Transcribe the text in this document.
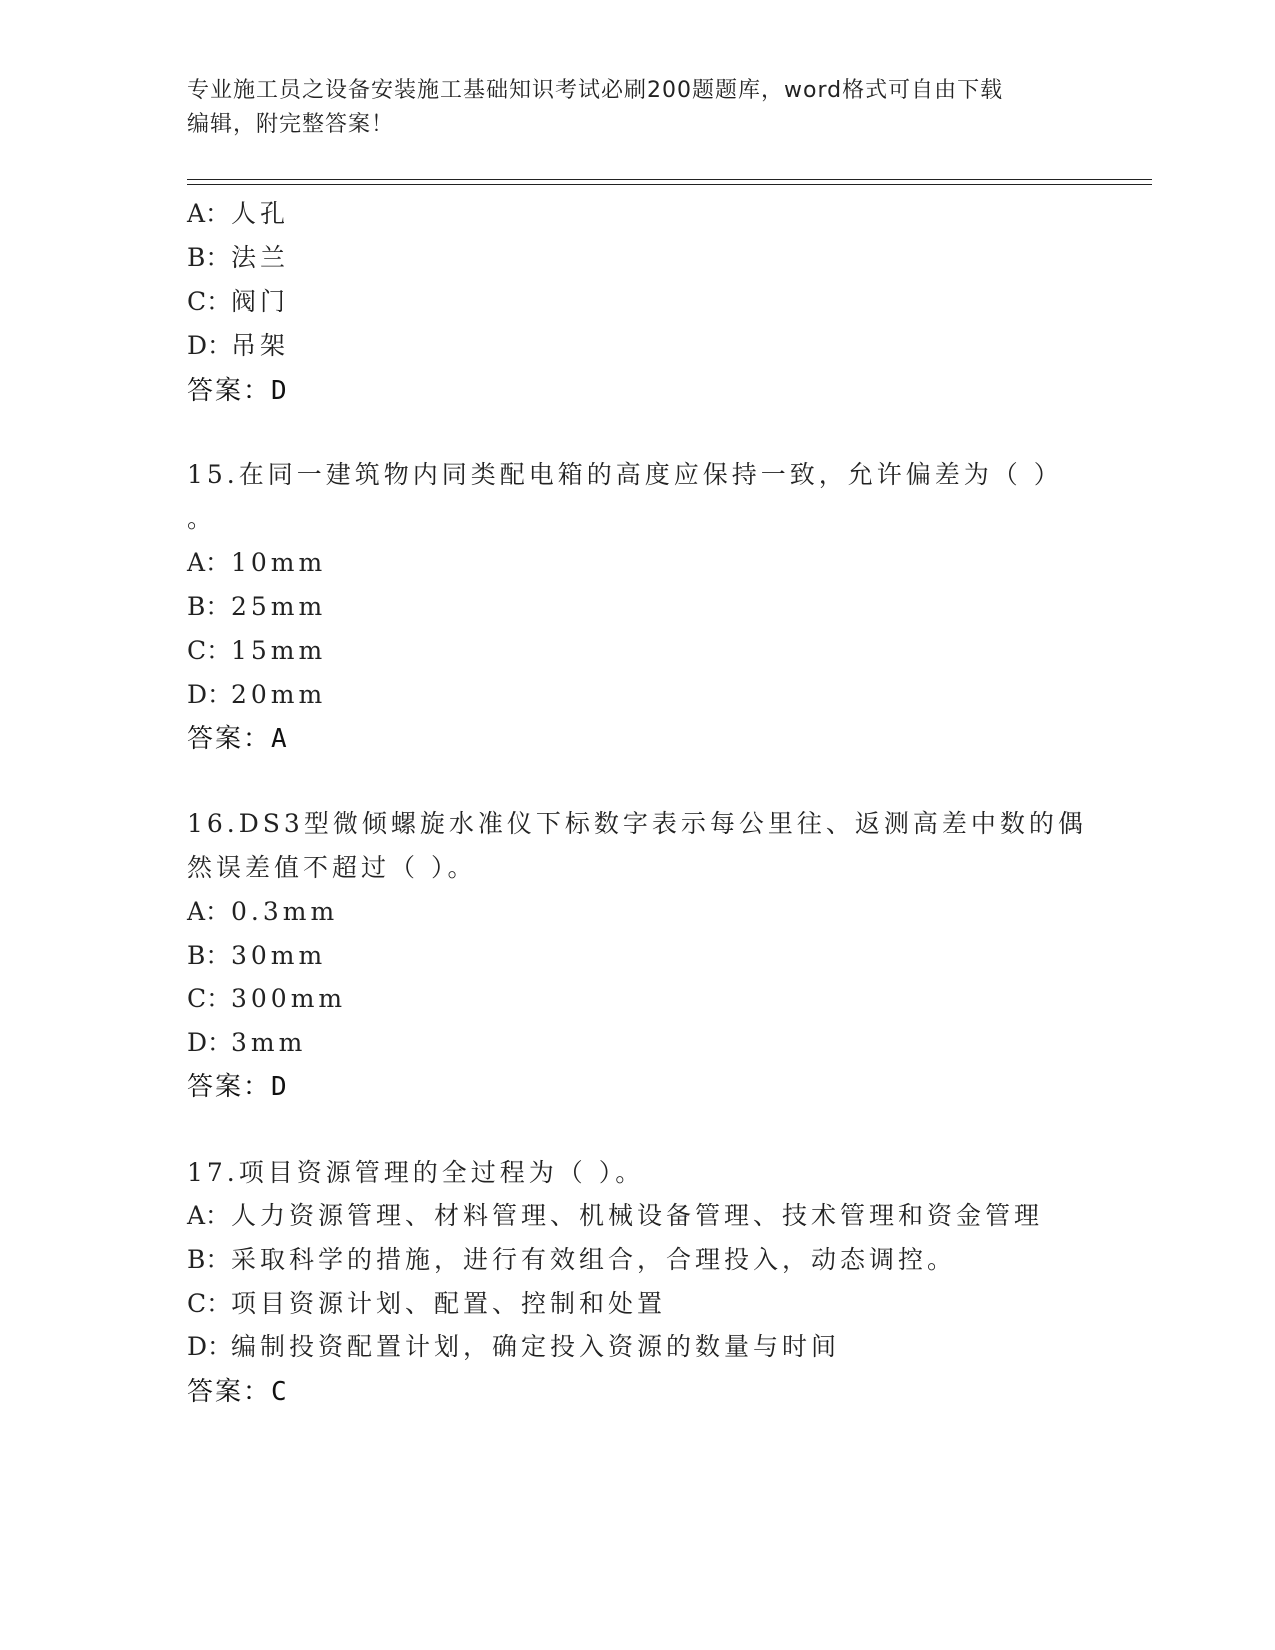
专业施工员之设备安装施工基础知识考试必刷200题题库，word格式可自由下载
编辑，附完整答案！
A：人孔
B：法兰
C：阀门
D：吊架
答案：D
15.在同一建筑物内同类配电箱的高度应保持一致，允许偏差为（ ）
。
A：10mm
B：25mm
C：15mm
D：20mm
答案：A
16.DS3型微倾螺旋水准仪下标数字表示每公里往、返测高差中数的偶
然误差值不超过（ ）。
A：0.3mm
B：30mm
C：300mm
D：3mm
答案：D
17.项目资源管理的全过程为（ ）。
A：人力资源管理、材料管理、机械设备管理、技术管理和资金管理
B：采取科学的措施，进行有效组合，合理投入，动态调控。
C：项目资源计划、配置、控制和处置
D：编制投资配置计划，确定投入资源的数量与时间
答案：C
